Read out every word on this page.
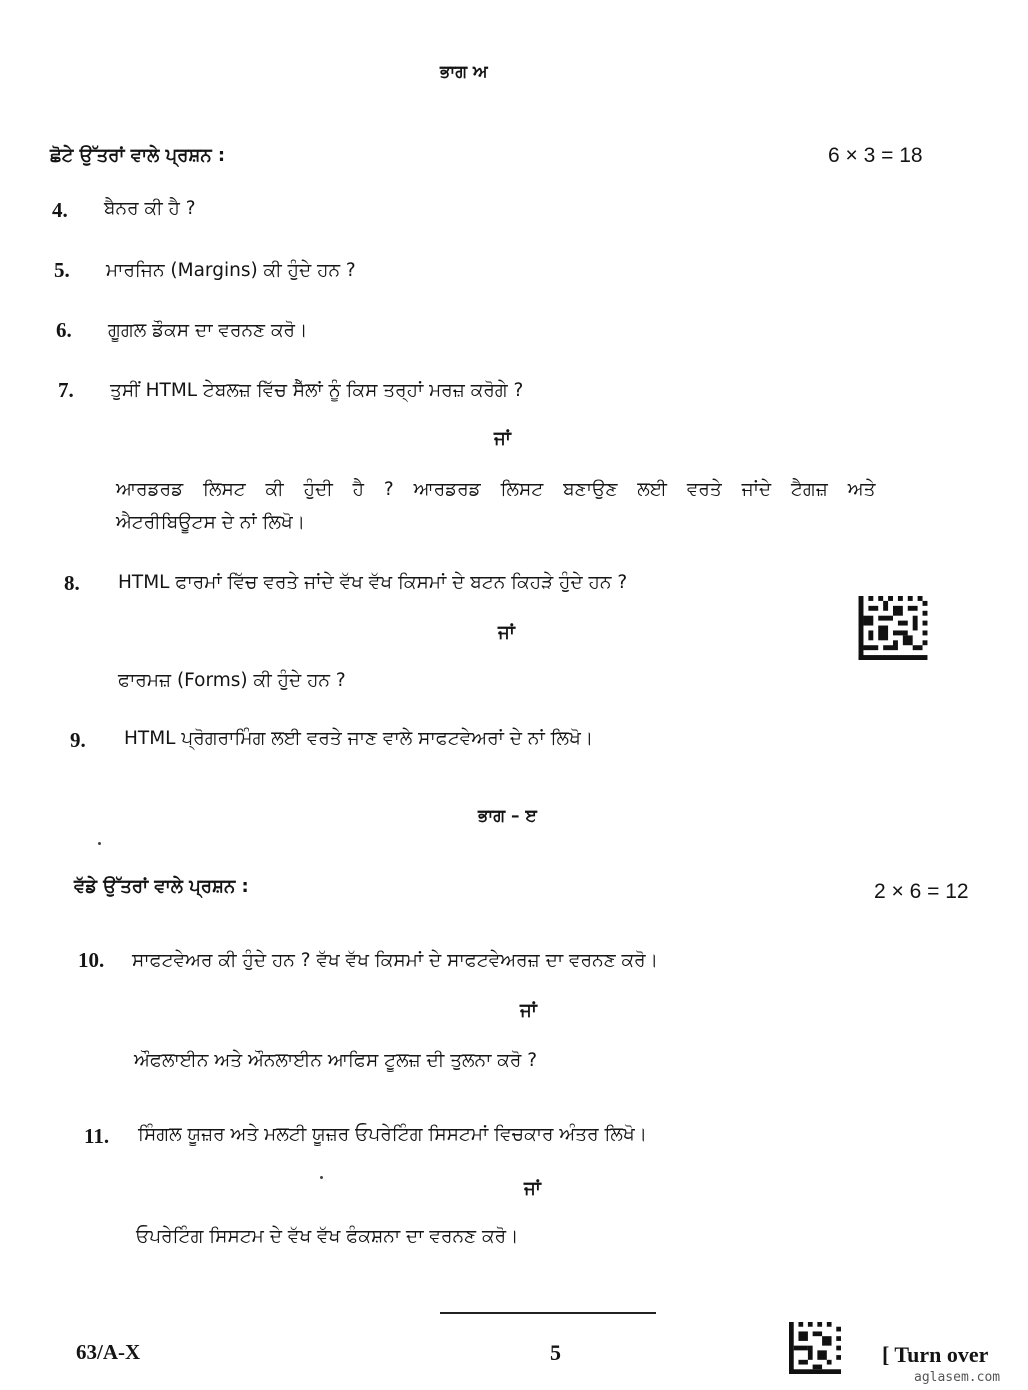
ਭਾਗ ਅ
ਛੋਟੇ ਉੱਤਰਾਂ ਵਾਲੇ ਪ੍ਰਸ਼ਨ :	6 × 3 = 18
4. ਬੈਨਰ ਕੀ ਹੈ ?
5. ਮਾਰਜਿਨ (Margins) ਕੀ ਹੁੰਦੇ ਹਨ ?
6. ਗੂਗਲ ਡੌਕਸ ਦਾ ਵਰਨਣ ਕਰੋ।
7. ਤੁਸੀਂ HTML ਟੇਬਲਜ਼ ਵਿੱਚ ਸੈੱਲਾਂ ਨੂੰ ਕਿਸ ਤਰ੍ਹਾਂ ਮਰਜ਼ ਕਰੋਗੇ ?
ਜਾਂ
ਆਰਡਰਡ ਲਿਸਟ ਕੀ ਹੁੰਦੀ ਹੈ ? ਆਰਡਰਡ ਲਿਸਟ ਬਣਾਉਣ ਲਈ ਵਰਤੇ ਜਾਂਦੇ ਟੈਗਜ਼ ਅਤੇ
ਐਟਰੀਬਿਊਟਸ ਦੇ ਨਾਂ ਲਿਖੋ।
8. HTML ਫਾਰਮਾਂ ਵਿੱਚ ਵਰਤੇ ਜਾਂਦੇ ਵੱਖ ਵੱਖ ਕਿਸਮਾਂ ਦੇ ਬਟਨ ਕਿਹੜੇ ਹੁੰਦੇ ਹਨ ?
ਜਾਂ
ਫਾਰਮਜ਼ (Forms) ਕੀ ਹੁੰਦੇ ਹਨ ?
9. HTML ਪ੍ਰੋਗਰਾਮਿੰਗ ਲਈ ਵਰਤੇ ਜਾਣ ਵਾਲੇ ਸਾਫਟਵੇਅਰਾਂ ਦੇ ਨਾਂ ਲਿਖੋ।
ਭਾਗ – ੲ
ਵੱਡੇ ਉੱਤਰਾਂ ਵਾਲੇ ਪ੍ਰਸ਼ਨ :	2 × 6 = 12
10. ਸਾਫਟਵੇਅਰ ਕੀ ਹੁੰਦੇ ਹਨ ? ਵੱਖ ਵੱਖ ਕਿਸਮਾਂ ਦੇ ਸਾਫਟਵੇਅਰਜ਼ ਦਾ ਵਰਨਣ ਕਰੋ।
ਜਾਂ
ਔਫਲਾਈਨ ਅਤੇ ਔਨਲਾਈਨ ਆਫਿਸ ਟੂਲਜ਼ ਦੀ ਤੁਲਨਾ ਕਰੋ ?
11. ਸਿੰਗਲ ਯੂਜ਼ਰ ਅਤੇ ਮਲਟੀ ਯੂਜ਼ਰ ਓਪਰੇਟਿੰਗ ਸਿਸਟਮਾਂ ਵਿਚਕਾਰ ਅੰਤਰ ਲਿਖੋ।
ਜਾਂ
ਓਪਰੇਟਿੰਗ ਸਿਸਟਮ ਦੇ ਵੱਖ ਵੱਖ ਫੰਕਸ਼ਨਾ ਦਾ ਵਰਨਣ ਕਰੋ।
63/A-X	5	[ Turn over
aglasem.com
